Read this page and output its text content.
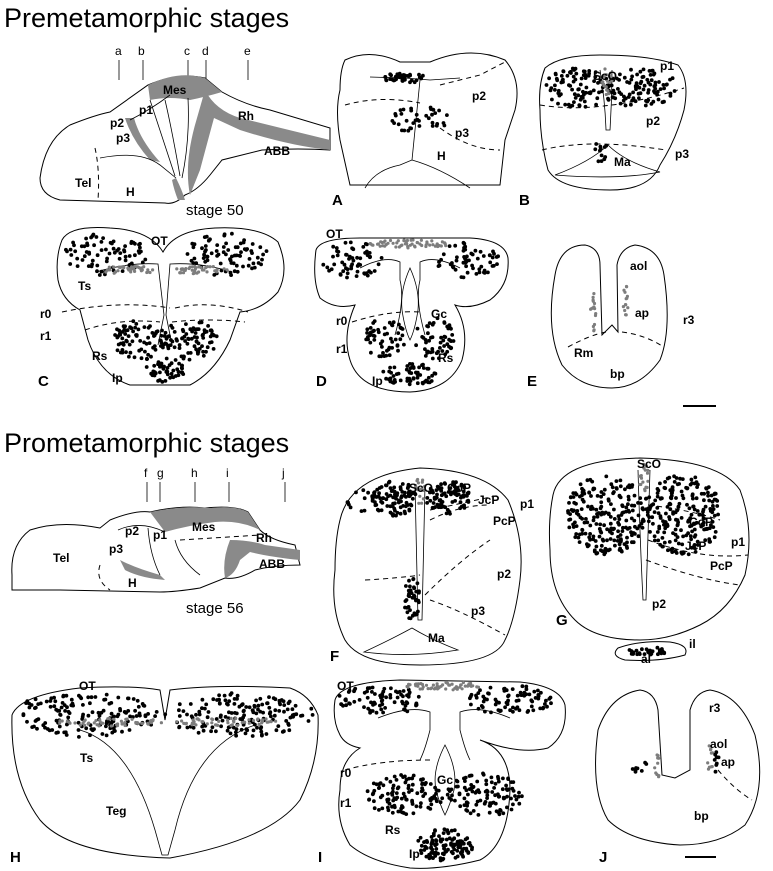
Premetamorphic stages
Prometamorphic stages
a b	c d	e
Mes
p2
p1
p3
Rh
ABB
Tel
H
stage 50
p2
p3
H
A
ScO
p1
p2
p3
Ma
B
OT
Ts
r0
r1
Rs
Ip
C
OT
r0	Gc
r1
Rs
Ip
D
aol
ap	r3
Rm
bp
E
f g h i	j
Mes
p2 p1
p3
Rh
ABB
Tel
H
stage 56
ScO CoP
JcP
PcP
p1
p2
p3
Ma
F
ScO
CoP
JcP p1
PcP
p2
G
il
al
OT
Ts
Teg
H
OT
r0	Gc
r1
Rs
Ip
I
r3
aol
ap
bp
J
